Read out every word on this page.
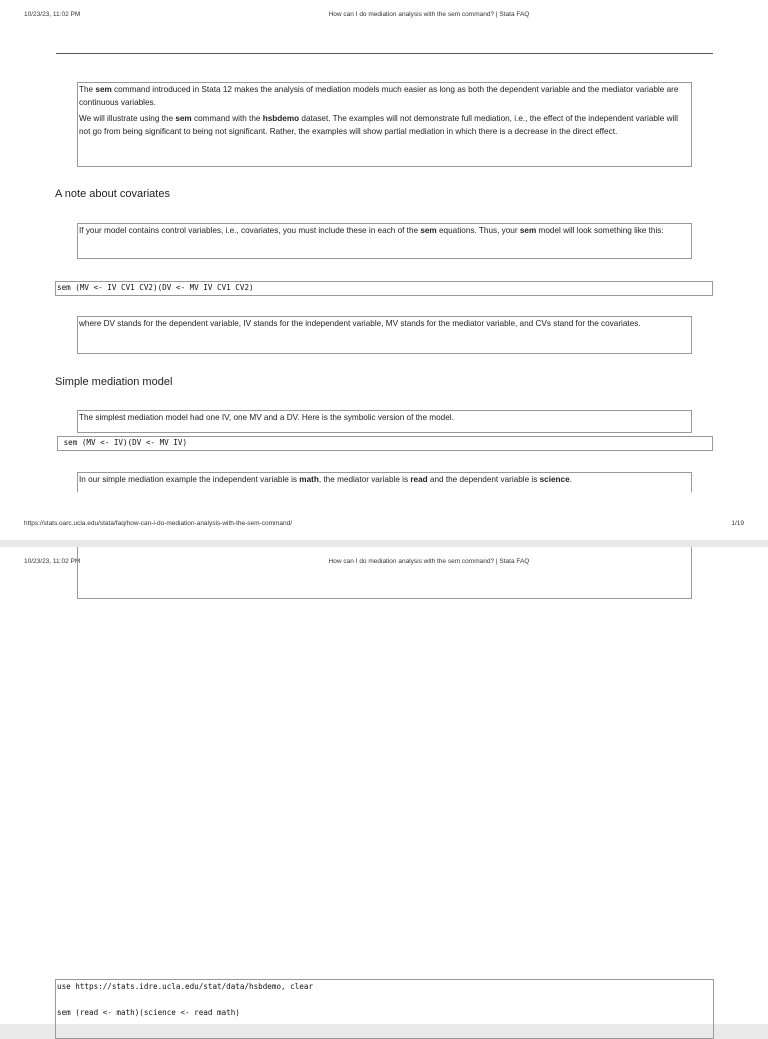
10/23/23, 11:02 PM	How can I do mediation analysis with the sem command? | Stata FAQ

The sem command introduced in Stata 12 makes the analysis of mediation models much easier as long as both the dependent variable and the mediator variable are continuous variables.

We will illustrate using the sem command with the hsbdemo dataset. The examples will not demonstrate full mediation, i.e., the effect of the independent variable will not go from being significant to being not significant. Rather, the examples will show partial mediation in which there is a decrease in the direct effect.

A note about covariates

If your model contains control variables, i.e., covariates, you must include these in each of the sem equations. Thus, your sem model will look something like this:

sem (MV <- IV CV1 CV2)(DV <- MV IV CV1 CV2)

where DV stands for the dependent variable, IV stands for the independent variable, MV stands for the mediator variable, and CVs stand for the covariates.

Simple mediation model

The simplest mediation model had one IV, one MV and a DV. Here is the symbolic version of the model.

sem (MV <- IV)(DV <- MV IV)

In our simple mediation example the independent variable is math, the mediator variable is read and the dependent variable is science.

https://stats.oarc.ucla.edu/stata/faq/how-can-i-do-mediation-analysis-with-the-sem-command/	1/19
10/23/23, 11:02 PM	How can I do mediation analysis with the sem command? | Stata FAQ
use https://stats.idre.ucla.edu/stat/data/hsbdemo, clear
sem (read <- math)(science <- read math)
